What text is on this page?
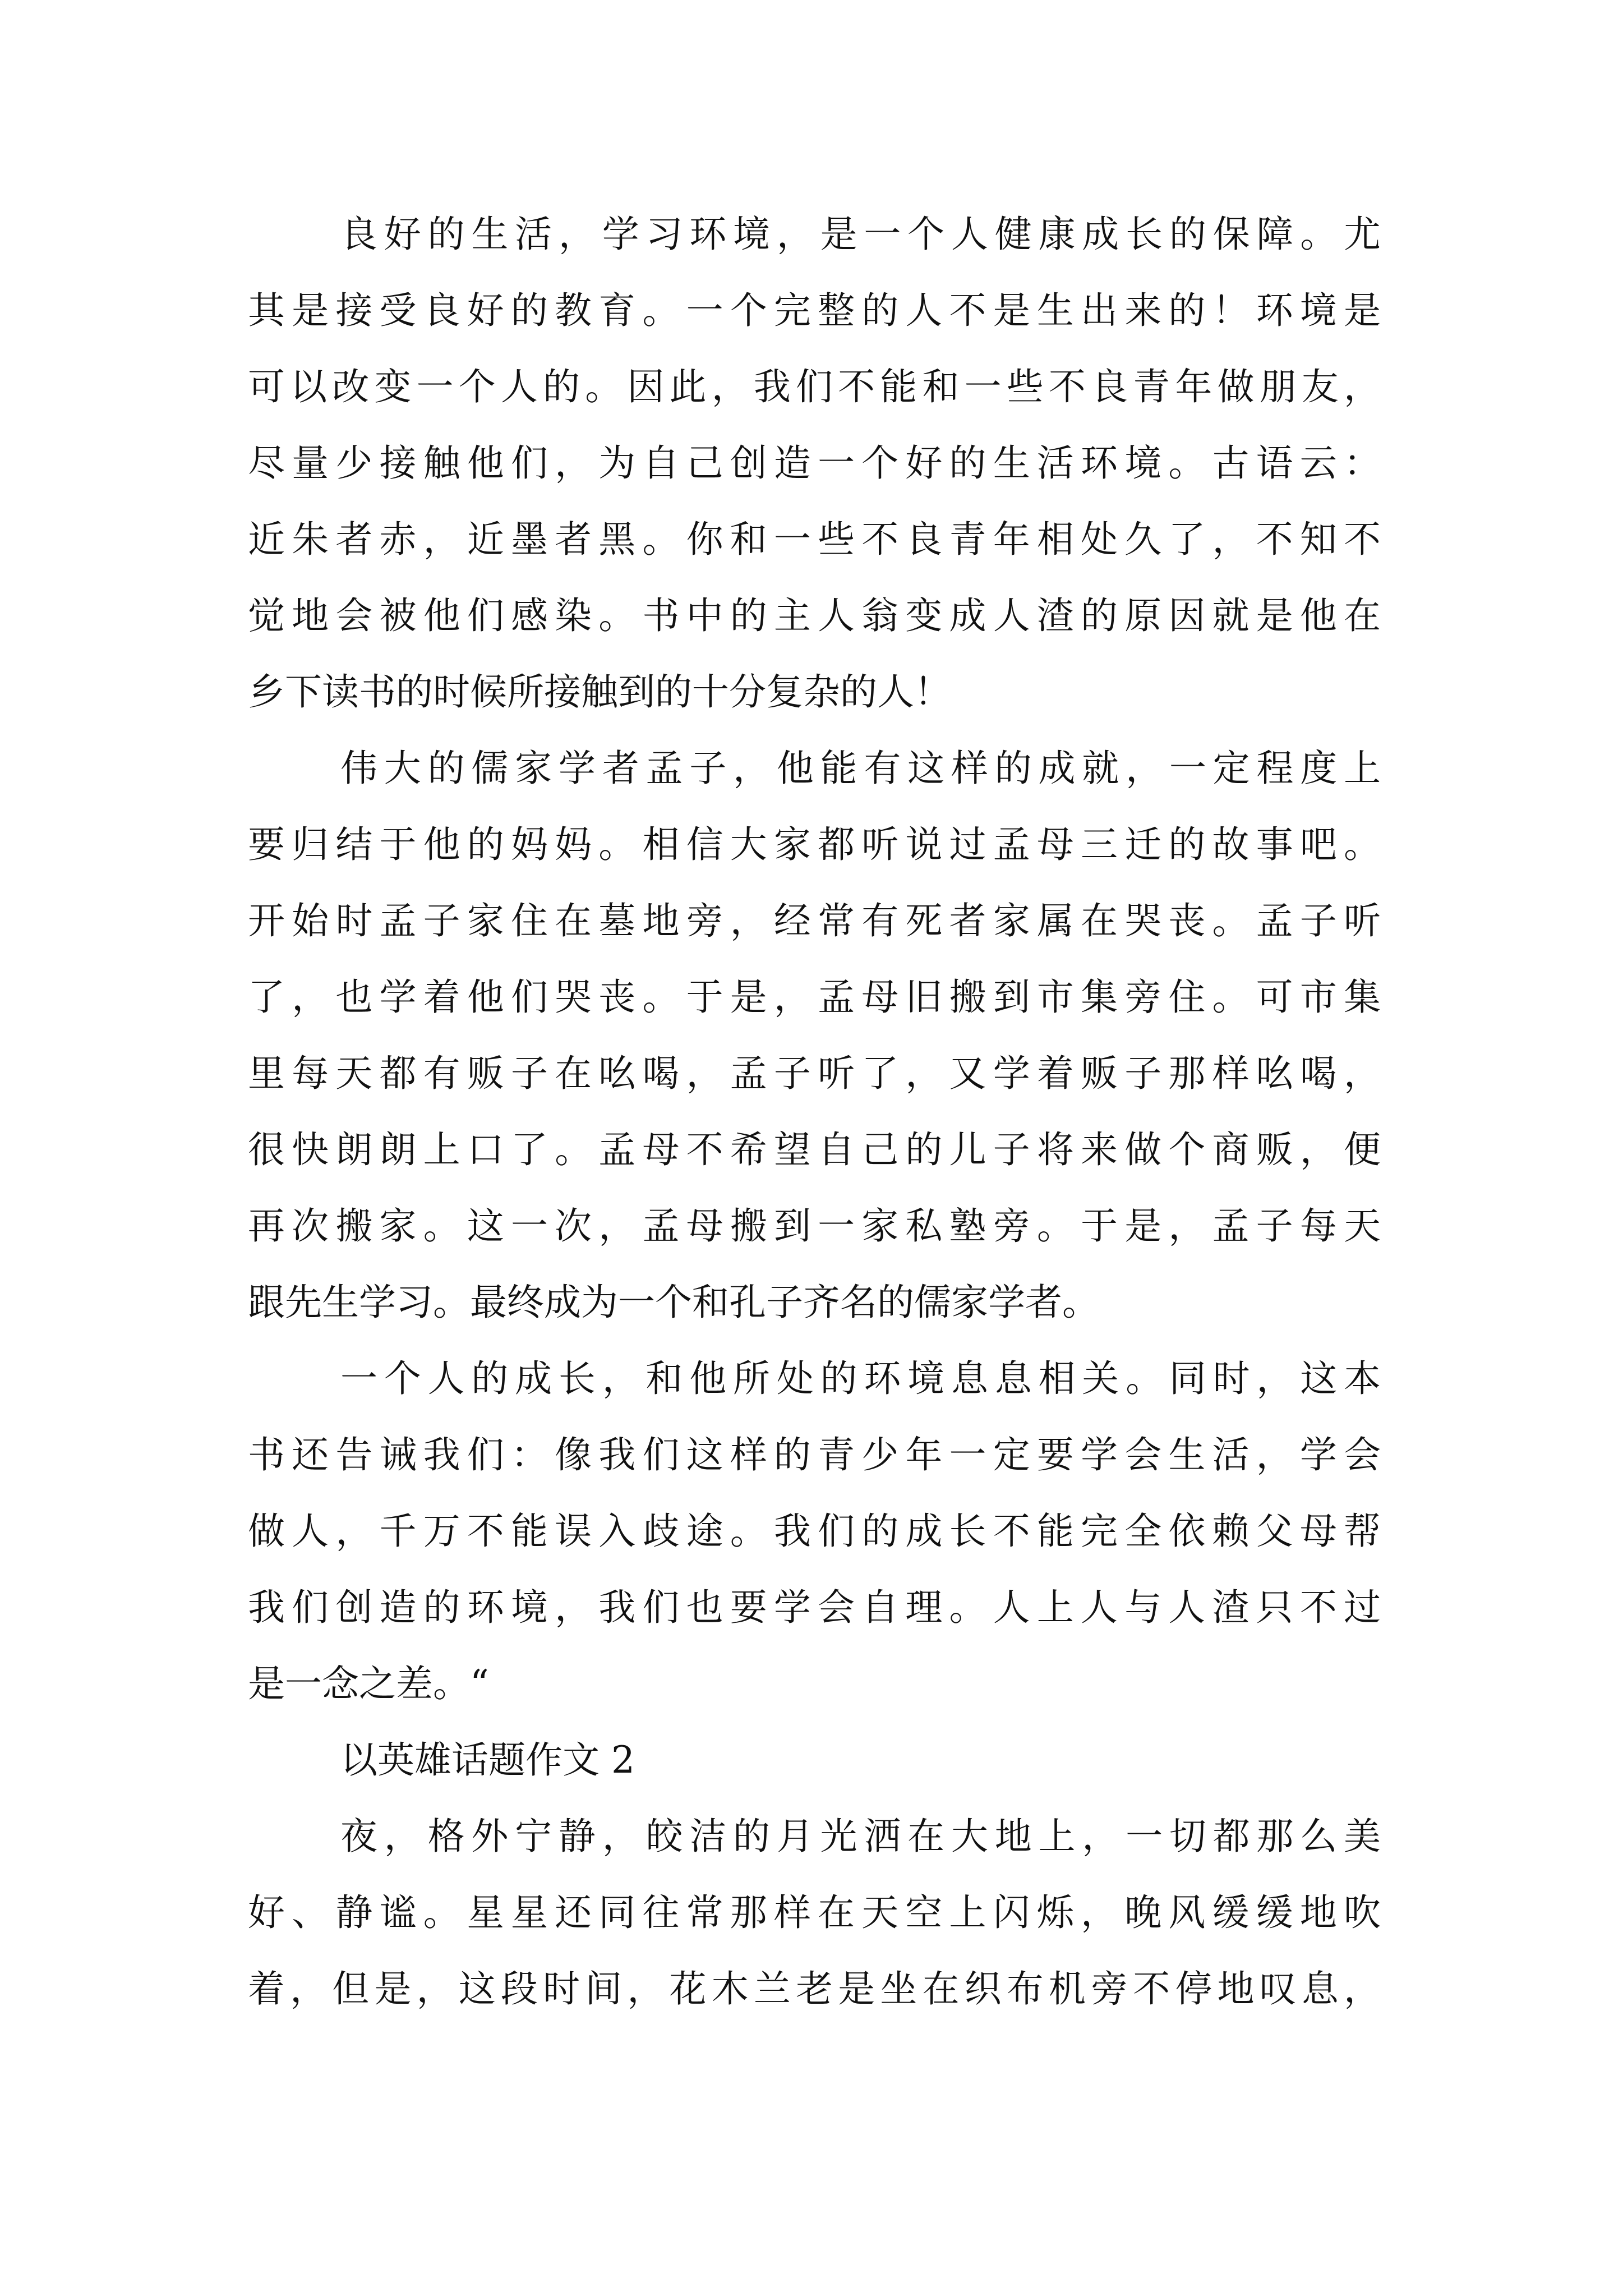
良好的生活，学习环境，是一个人健康成长的保障。尤
其是接受良好的教育。一个完整的人不是生出来的！环境是
可以改变一个人的。因此，我们不能和一些不良青年做朋友，
尽量少接触他们，为自己创造一个好的生活环境。古语云：
近朱者赤，近墨者黑。你和一些不良青年相处久了，不知不
觉地会被他们感染。书中的主人翁变成人渣的原因就是他在
乡下读书的时候所接触到的十分复杂的人！
伟大的儒家学者孟子，他能有这样的成就，一定程度上
要归结于他的妈妈。相信大家都听说过孟母三迁的故事吧。
开始时孟子家住在墓地旁，经常有死者家属在哭丧。孟子听
了，也学着他们哭丧。于是，孟母旧搬到市集旁住。可市集
里每天都有贩子在吆喝，孟子听了，又学着贩子那样吆喝，
很快朗朗上口了。孟母不希望自己的儿子将来做个商贩，便
再次搬家。这一次，孟母搬到一家私塾旁。于是，孟子每天
跟先生学习。最终成为一个和孔子齐名的儒家学者。
一个人的成长，和他所处的环境息息相关。同时，这本
书还告诫我们：像我们这样的青少年一定要学会生活，学会
做人，千万不能误入歧途。我们的成长不能完全依赖父母帮
我们创造的环境，我们也要学会自理。人上人与人渣只不过
是一念之差。“
以英雄话题作文 2
夜，格外宁静，皎洁的月光洒在大地上，一切都那么美
好、静谧。星星还同往常那样在天空上闪烁，晚风缓缓地吹
着，但是，这段时间，花木兰老是坐在织布机旁不停地叹息，
